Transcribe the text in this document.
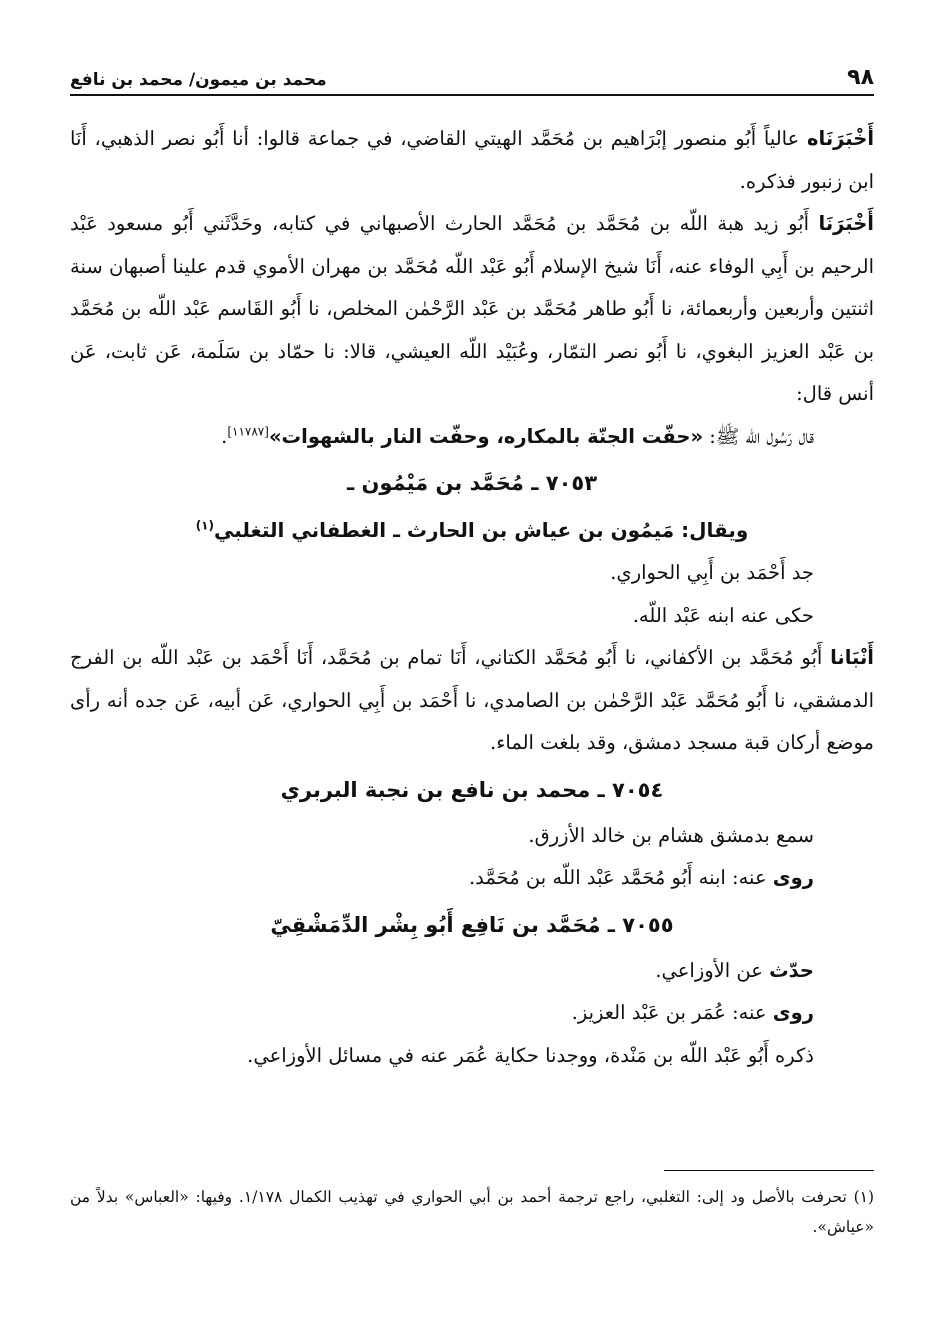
٩٨
محمد بن ميمون/ محمد بن نافع

أَخْبَرَنَاه عالياً أَبُو منصور إبْرَاهيم بن مُحَمَّد الهيتي القاضي، في جماعة قالوا: أنا أَبُو نصر الذهبي، أَنَا ابن زنبور فذكره.

أَخْبَرَنَا أَبُو زيد هبة اللّه بن مُحَمَّد بن مُحَمَّد الحارث الأصبهاني في كتابه، وحَدَّثَني أَبُو مسعود عَبْد الرحيم بن أَبِي الوفاء عنه، أَنَا شيخ الإسلام أَبُو عَبْد اللّه مُحَمَّد بن مهران الأموي قدم علينا أصبهان سنة اثنتين وأربعين وأربعمائة، نا أَبُو طاهر مُحَمَّد بن عَبْد الرَّحْمٰن المخلص، نا أَبُو القَاسم عَبْد اللّه بن مُحَمَّد بن عَبْد العزيز البغوي، نا أَبُو نصر التمّار، وعُبَيْد اللّه العيشي، قالا: نا حمّاد بن سَلَمة، عَن ثابت، عَن أنس قال:

قال رَسُول الله ﷺ: «حفّت الجنّة بالمكاره، وحفّت النار بالشهوات»[١١٧٨٧].

٧٠٥٣ ـ مُحَمَّد بن مَيْمُون ـ
ويقال: مَيمُون بن عياش بن الحارث ـ الغطفاني التغلبي$^{(١)}$

جد أَحْمَد بن أَبِي الحواري.

حكى عنه ابنه عَبْد اللّه.

أَنْبَانا أَبُو مُحَمَّد بن الأكفاني، نا أَبُو مُحَمَّد الكتاني، أَنَا تمام بن مُحَمَّد، أَنَا أَحْمَد بن عَبْد اللّه بن الفرج الدمشقي، نا أَبُو مُحَمَّد عَبْد الرَّحْمٰن بن الصامدي، نا أَحْمَد بن أَبِي الحواري، عَن أبيه، عَن جده أنه رأى موضع أركان قبة مسجد دمشق، وقد بلغت الماء.

٧٠٥٤ ـ محمد بن نافع بن نجبة البربري

سمع بدمشق هشام بن خالد الأزرق.

روى عنه: ابنه أَبُو مُحَمَّد عَبْد اللّه بن مُحَمَّد.

٧٠٥٥ ـ مُحَمَّد بن نَافِع أَبُو بِشْر الدِّمَشْقِيّ

حدّث عن الأوزاعي.

روى عنه: عُمَر بن عَبْد العزيز.

ذكره أَبُو عَبْد اللّه بن مَنْدة، ووجدنا حكاية عُمَر عنه في مسائل الأوزاعي.

(١) تحرفت بالأصل ود إلى: التغلبي، راجع ترجمة أحمد بن أبي الحواري في تهذيب الكمال ١/١٧٨. وفيها: «العباس» بدلاً من «عياش».
